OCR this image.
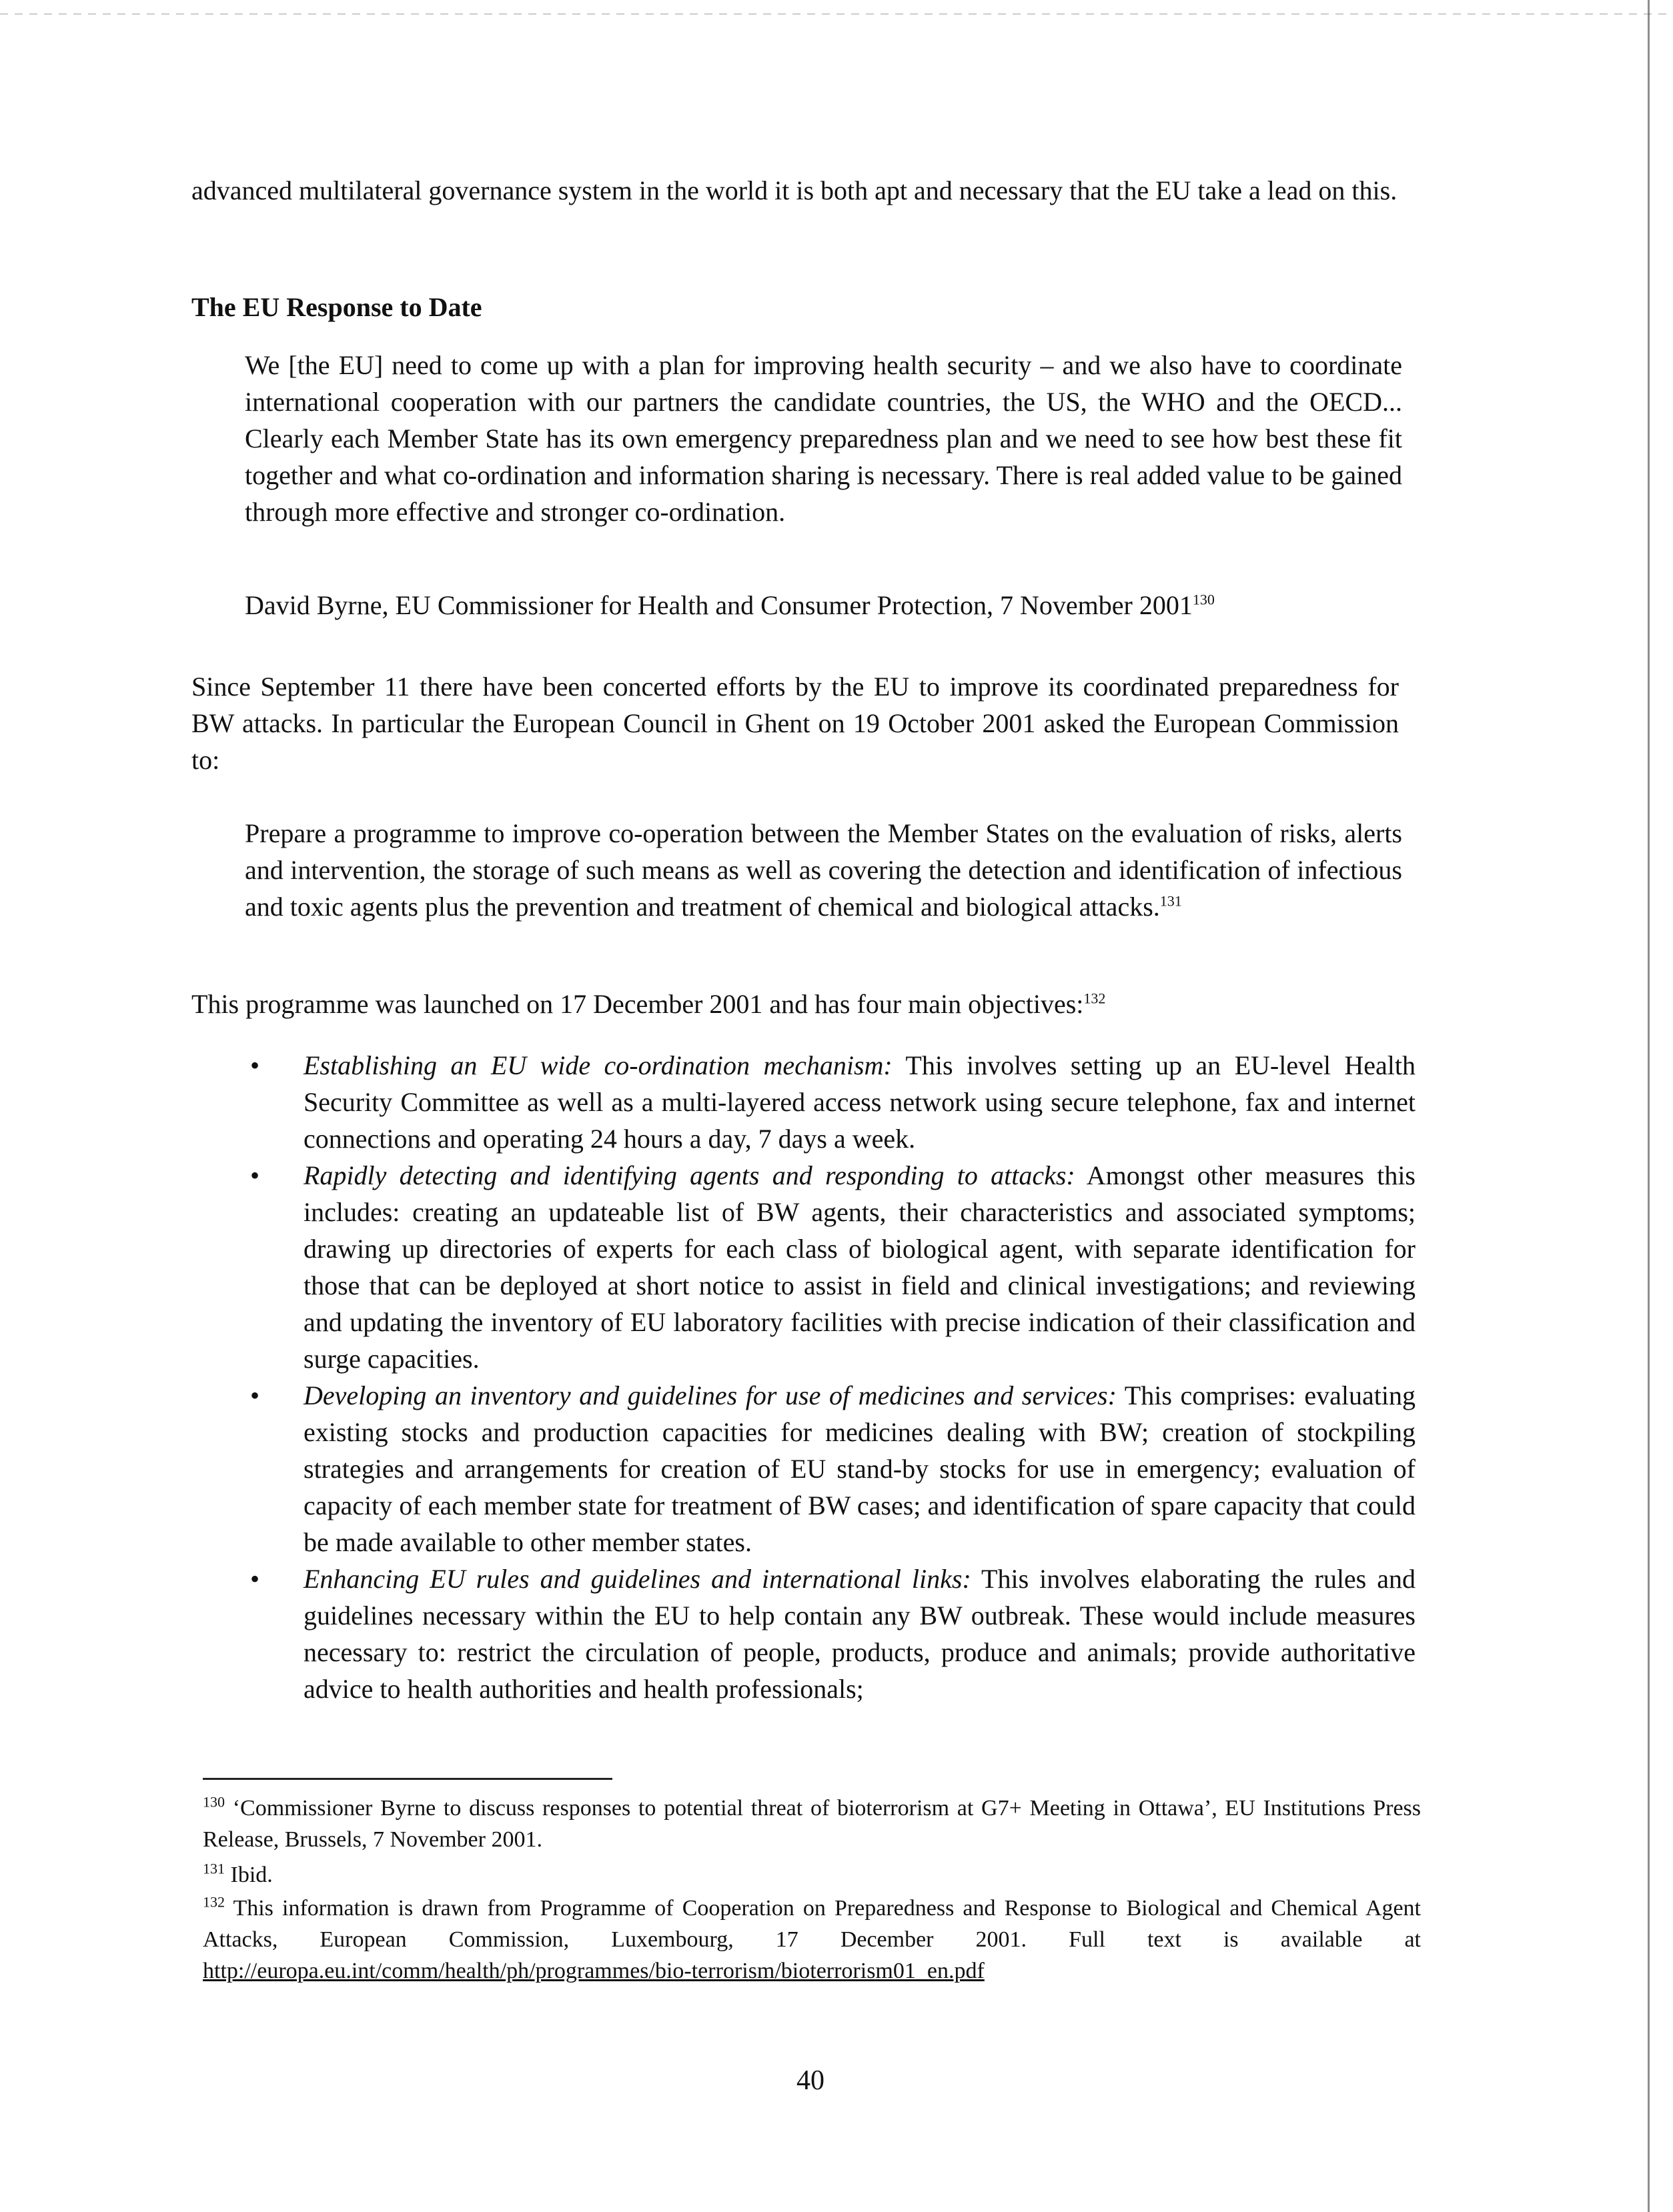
advanced multilateral governance system in the world it is both apt and necessary that the EU take a lead on this.

The EU Response to Date

We [the EU] need to come up with a plan for improving health security – and we also have to coordinate international cooperation with our partners the candidate countries, the US, the WHO and the OECD... Clearly each Member State has its own emergency preparedness plan and we need to see how best these fit together and what co-ordination and information sharing is necessary. There is real added value to be gained through more effective and stronger co-ordination.

David Byrne, EU Commissioner for Health and Consumer Protection, 7 November 2001$^{130}$

Since September 11 there have been concerted efforts by the EU to improve its coordinated preparedness for BW attacks. In particular the European Council in Ghent on 19 October 2001 asked the European Commission to:

Prepare a programme to improve co-operation between the Member States on the evaluation of risks, alerts and intervention, the storage of such means as well as covering the detection and identification of infectious and toxic agents plus the prevention and treatment of chemical and biological attacks.$^{131}$

This programme was launched on 17 December 2001 and has four main objectives:$^{132}$

• Establishing an EU wide co-ordination mechanism: This involves setting up an EU-level Health Security Committee as well as a multi-layered access network using secure telephone, fax and internet connections and operating 24 hours a day, 7 days a week.
• Rapidly detecting and identifying agents and responding to attacks: Amongst other measures this includes: creating an updateable list of BW agents, their characteristics and associated symptoms; drawing up directories of experts for each class of biological agent, with separate identification for those that can be deployed at short notice to assist in field and clinical investigations; and reviewing and updating the inventory of EU laboratory facilities with precise indication of their classification and surge capacities.
• Developing an inventory and guidelines for use of medicines and services: This comprises: evaluating existing stocks and production capacities for medicines dealing with BW; creation of stockpiling strategies and arrangements for creation of EU stand-by stocks for use in emergency; evaluation of capacity of each member state for treatment of BW cases; and identification of spare capacity that could be made available to other member states.
• Enhancing EU rules and guidelines and international links: This involves elaborating the rules and guidelines necessary within the EU to help contain any BW outbreak. These would include measures necessary to: restrict the circulation of people, products, produce and animals; provide authoritative advice to health authorities and health professionals;

$^{130}$ ‘Commissioner Byrne to discuss responses to potential threat of bioterrorism at G7+ Meeting in Ottawa’, EU Institutions Press Release, Brussels, 7 November 2001.

$^{131}$ Ibid.

$^{132}$ This information is drawn from Programme of Cooperation on Preparedness and Response to Biological and Chemical Agent Attacks, European Commission, Luxembourg, 17 December 2001. Full text is available at http://europa.eu.int/comm/health/ph/programmes/bio-terrorism/bioterrorism01_en.pdf

40
